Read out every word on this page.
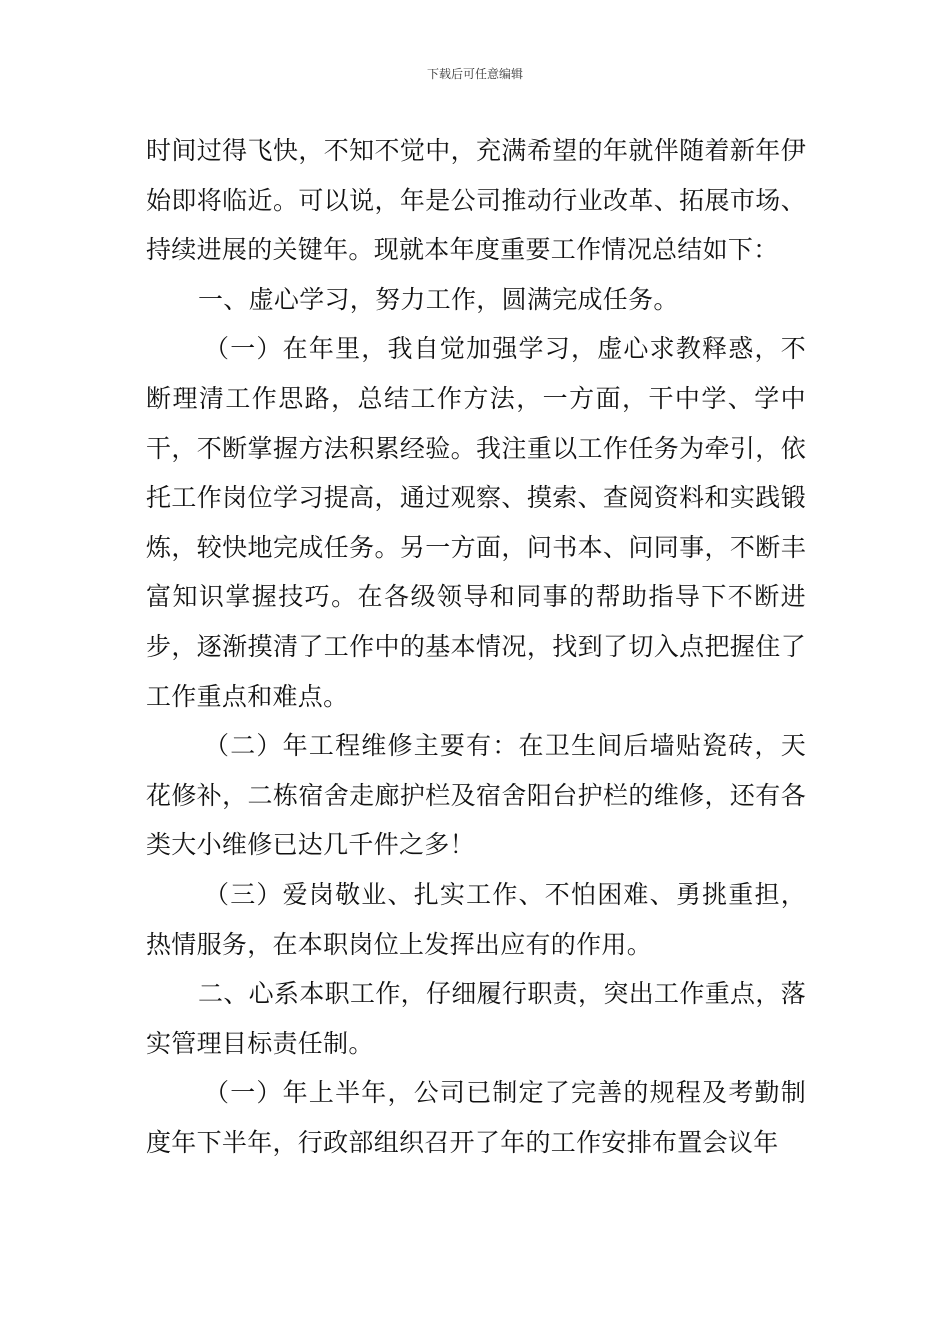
下载后可任意编辑

时间过得飞快，不知不觉中，充满希望的年就伴随着新年伊始即将临近。可以说，年是公司推动行业改革、拓展市场、持续进展的关键年。现就本年度重要工作情况总结如下：

一、虚心学习，努力工作，圆满完成任务。

（一）在年里，我自觉加强学习，虚心求教释惑，不断理清工作思路，总结工作方法，一方面，干中学、学中干，不断掌握方法积累经验。我注重以工作任务为牵引，依托工作岗位学习提高，通过观察、摸索、查阅资料和实践锻炼，较快地完成任务。另一方面，问书本、问同事，不断丰富知识掌握技巧。在各级领导和同事的帮助指导下不断进步，逐渐摸清了工作中的基本情况，找到了切入点把握住了工作重点和难点。

（二）年工程维修主要有：在卫生间后墙贴瓷砖，天花修补，二栋宿舍走廊护栏及宿舍阳台护栏的维修，还有各类大小维修已达几千件之多！

（三）爱岗敬业、扎实工作、不怕困难、勇挑重担，热情服务，在本职岗位上发挥出应有的作用。

二、心系本职工作，仔细履行职责，突出工作重点，落实管理目标责任制。

（一）年上半年，公司已制定了完善的规程及考勤制度年下半年，行政部组织召开了年的工作安排布置会议年
